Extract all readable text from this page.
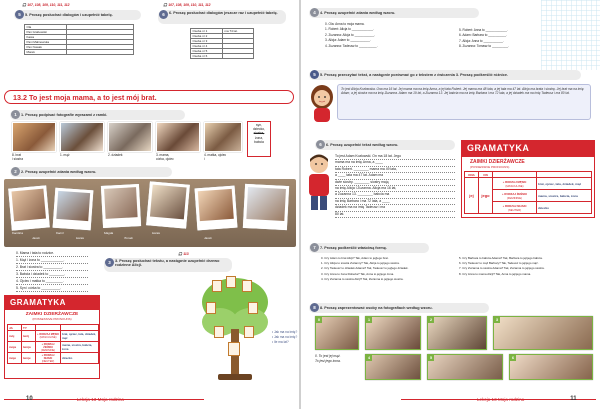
🎧 107, 108, 109, 110, 111, 112
5	5. Proszę posłuchać dialogów i uzupełnić tabelę.
Ola	
Pan Grabowski	
Kasia	
Pani Malinowska	
Pan Nowak	
Marek	
🎧 107, 108, 109, 110, 111, 112
6	6. Proszę posłuchać dialogów jeszcze raz i uzupełnić tabelę.
Osoba nr 1	ma 74 lat.
Osoba nr 2	
Osoba nr 3	
Osoba nr 4	
Osoba nr 5	
Osoba nr 6	
13.2 To jest moja mama, a to jest mój brat.
1	1. Proszę podpisać fotografie wyrazami z ramki.
8. brat
i siostra
1. mąż	2. dziadek	3. mama,
córka, ojciec
4. matka, ojciec
i
syn,
dziecko,
siostra,
żona,
babcia
2	2. Proszę uzupełnić zdania według wzoru.
Karolina
Jacek
Kamil
Hania
Magda
Tomek
Hania
Jacek
0. Mama i tata to rodzice.
1. Mąż i żona to ____________.
2. Brat i siostra to __________.
3. Babcia i dziadek to ________.
4. Ojciec i matka to _________.
5. Syn i córka to __________.
🎧 113
3	3. Proszę posłuchać tekstu, a następnie uzupełnić drzewo rodzinne Alicji.
• Jak ma na imię?
• Jak ma na imię?
• Ile ma lat?
GRAMATYKA
ZAIMKI DZIERŻAWCZE
(POSSESSIVE PRONOUNS)
JA	TY		
mój	twój	+ RODZAJ MĘSKI
(MASCULINE)	brat, ojciec, tata, dziadek, mąż
moja	twoja	+ RODZAJ ŻEŃSKI
(FEMININE)	mama, siostra, babcia, żona
moje	twoje	+ RODZAJ NIJAKI
(NEUTER)	dziecko
10	Lekcja 13 Moja rodzina
4	4. Proszę uzupełnić zdania według wzoru.
0. Ola: Anna to moja mama.
1. Robert: Alicja to ____________.
2. Zuzanna: Alicja to ___________.
3. Alicja: Adam to ___________.
4. Zuzanna: Tadeusz to __________.
5. Robert: Anna to ____________.
6. Adam: Barbara to __________.
7. Alicja: Anna to ___________.
8. Zuzanna: Tomasz to _________.
5	5. Proszę przeczytać tekst, a następnie porównać go z tekstem z ćwiczenia 3. Proszę podkreślić różnice.
To jest Alicja Kozłowska. Ona ma 16 lat. Jej mama ma na imię Anna, a jej tata Robert. Jej mama ma 48 lata, a jej tata ma 47 lat. Alicja ma brata i siostrę. Jej brat ma na imię Adam, a jej siostra ma na imię Zuzanna. Adam ma 19 lat, a Zuzanna 13. Jej babcia ma na imię Barbara i ma 72 lata, a jej dziadek ma na imię Tadeusz i ma 80 lat.
6	6. Proszę uzupełnić tekst według wzoru.
To jest Adam Kozłowski. On ma 18 lat. Jego
mama ma na imię Anna, a ____
tata Robert. ________ mama ma 49 lata,
a ____ tata ma 47 lat. Adam ma
dwie siostry. ________ siostry mają
na imię Alicja i Zuzanna. Alicja ma 16 lat,
a Zuzanna 13. ________ babcia ma
na imię Barbara i ma 72 lata, a ____
dziadek ma na imię Tadeusz i ma
80 lat.
GRAMATYKA
ZAIMKI DZIERŻAWCZE
(POSSESSIVE PRONOUNS)
ONA	ON		
jej	jego	+ RODZAJ MĘSKI
(MASCULINE)	brat, ojciec, tata, dziadek, mąż
		+ RODZAJ ŻEŃSKI
(FEMININE)	mama, siostra, babcia, żona
		+ RODZAJ NIJAKI
(NEUTER)	dziecko
7	7. Proszę podkreślić właściwą formę.
0. Czy Adam to brat Alicji? Tak, Adam to jej/jego brat.
1. Czy Alicja to siostra Zuzanny? Tak, Alicja to jej/jego siostra.
2. Czy Tadeusz to dziadek Adama? Tak, Tadeusz to jej/jego dziadek.
3. Czy Anna to żona Roberta? Tak, Anna to jej/jego żona.
4. Czy Zuzanna to siostra Alicji? Tak, Zuzanna to jej/jego siostra.
5. Czy Barbara to babcia Adama? Tak, Barbara to jej/jego babcia.
6. Czy Tadeusz to mąż Barbary? Tak, Tadeusz to jej/jego mąż.
7. Czy Zuzanna to siostra Adama? Tak, Zuzanna to jej/jego siostra.
8. Czy Anna to mama Alicji? Tak, Anna to jej/jego mama.
8	8. Proszę zaprezentować osoby na fotografiach według wzoru.
0	1	2	3
4	5	6
0. To jest jej mąż.
To jest jego żona.
Lekcja 13 Moja rodzina	11
